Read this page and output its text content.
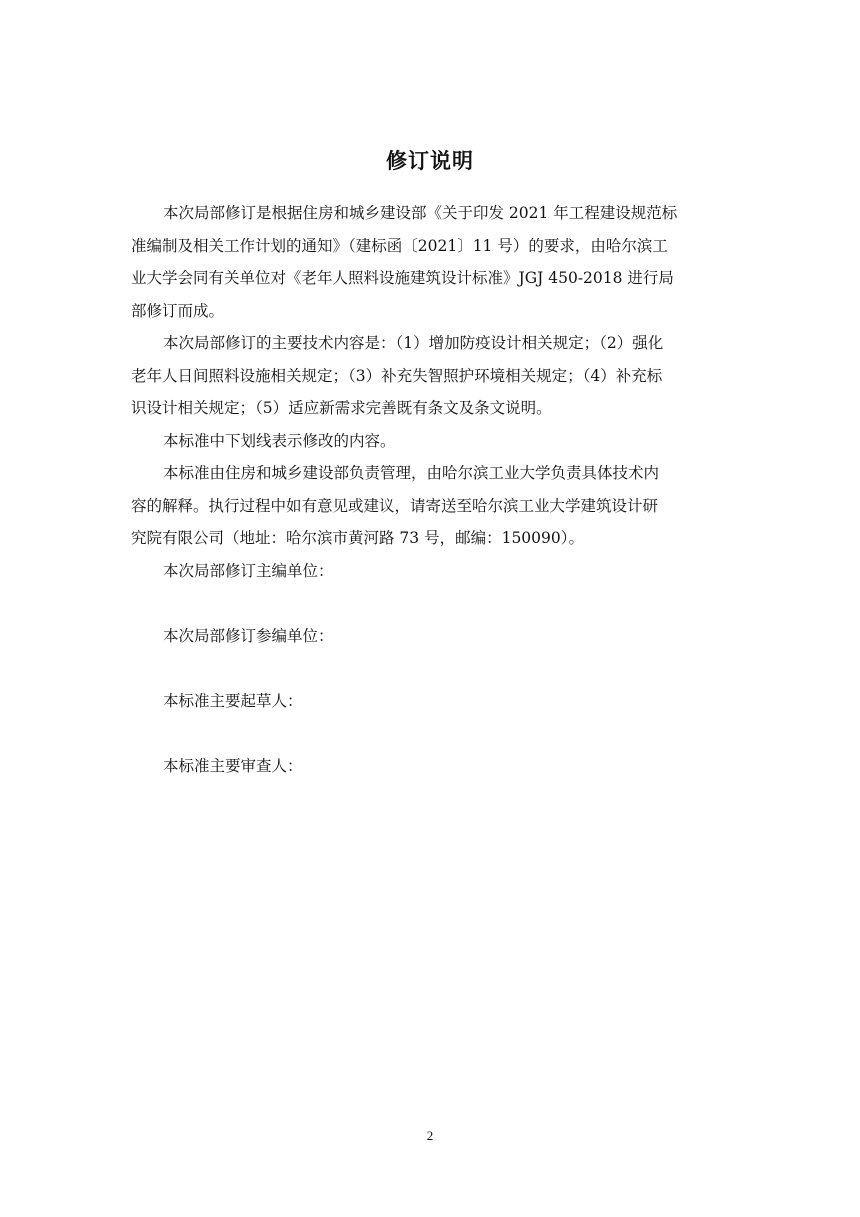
修订说明

本次局部修订是根据住房和城乡建设部《关于印发 2021 年工程建设规范标
准编制及相关工作计划的通知》（建标函〔2021〕11 号）的要求，由哈尔滨工
业大学会同有关单位对《老年人照料设施建筑设计标准》JGJ 450-2018 进行局
部修订而成。

本次局部修订的主要技术内容是：（1）增加防疫设计相关规定；（2）强化
老年人日间照料设施相关规定；（3）补充失智照护环境相关规定；（4）补充标
识设计相关规定；（5）适应新需求完善既有条文及条文说明。

本标准中下划线表示修改的内容。

本标准由住房和城乡建设部负责管理，由哈尔滨工业大学负责具体技术内
容的解释。执行过程中如有意见或建议，请寄送至哈尔滨工业大学建筑设计研
究院有限公司（地址：哈尔滨市黄河路 73 号，邮编：150090）。

本次局部修订主编单位：

本次局部修订参编单位：

本标准主要起草人：

本标准主要审查人：

2
